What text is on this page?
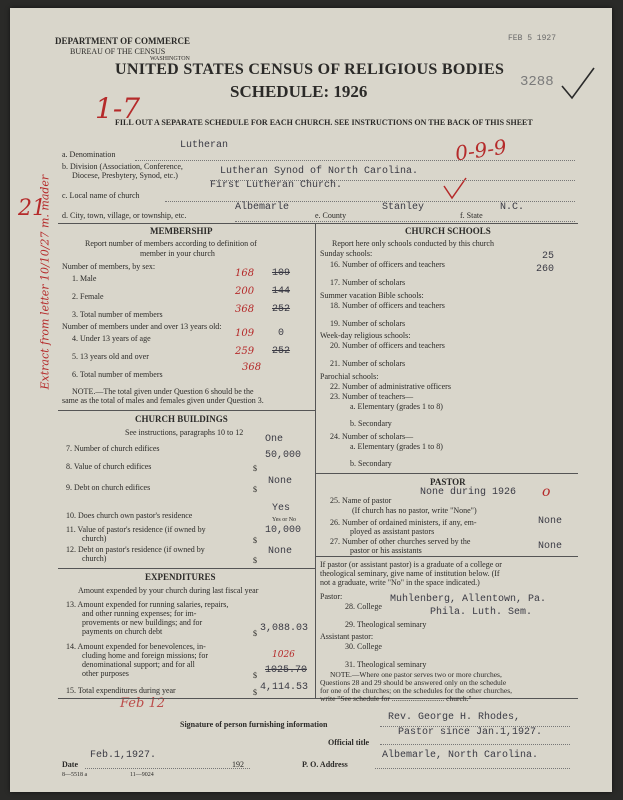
DEPARTMENT OF COMMERCE
BUREAU OF THE CENSUS
WASHINGTON
FEB 5 1927
UNITED STATES CENSUS OF RELIGIOUS BODIES
SCHEDULE: 1926	3288
FILL OUT A SEPARATE SCHEDULE FOR EACH CHURCH. SEE INSTRUCTIONS ON THE BACK OF THIS SHEET
1-7
21
Extract from letter 10/10/27 m. mader
0-9-9
Feb 12
a. Denomination
Lutheran
b. Division (Association, Conference,
Diocese, Presbytery, Synod, etc.)	Lutheran Synod of North Carolina.
c. Local name of church
First Lutheran Church.
d. City, town, village, or township, etc.
Albemarle
e. County
Stanley
f. State
N.C.
MEMBERSHIP
Report number of members according to definition of
member in your church
Number of members, by sex:
1. Male	168 109
2. Female	200 144
3. Total number of members	368 252
Number of members under and over 13 years old:
4. Under 13 years of age	109 0
5. 13 years old and over	259 252
6. Total number of members
368
NOTE.—The total given under Question 6 should be the
same as the total of males and females given under Question 3.
CHURCH BUILDINGS
See instructions, paragraphs 10 to 12
7. Number of church edifices
One
8. Value of church edifices	$
50,000
9. Debt on church edifices	$
None
10. Does church own pastor's residence
Yes
Yes or No
11. Value of pastor's residence (if owned by
church)	$
10,000
12. Debt on pastor's residence (if owned by
church)	$
None
EXPENDITURES
Amount expended by your church during last fiscal year
13. Amount expended for running salaries, repairs,
and other running expenses; for im-
provements or new buildings; and for
payments on church debt	$ 3,088.03
14. Amount expended for benevolences, in-
cluding home and foreign missions; for
denominational support; and for all
other purposes
1026
$ 1025.70
15. Total expenditures during year	$ 4,114.53
CHURCH SCHOOLS
Report here only schools conducted by this church
Sunday schools:
16. Number of officers and teachers
25
17. Number of scholars
260
Summer vacation Bible schools:
18. Number of officers and teachers
19. Number of scholars
Week-day religious schools:
20. Number of officers and teachers
21. Number of scholars
Parochial schools:
22. Number of administrative officers
23. Number of teachers—
a. Elementary (grades 1 to 8)
b. Secondary
24. Number of scholars—
a. Elementary (grades 1 to 8)
b. Secondary
PASTOR
25. Name of pastor
None during 1926 o
(If church has no pastor, write "None")
26. Number of ordained ministers, if any, em-
ployed as assistant pastors
None
27. Number of other churches served by the
pastor or his assistants	None
If pastor (or assistant pastor) is a graduate of a college or
theological seminary, give name of institution below. (If
not a graduate, write "No" in the space indicated.)
Pastor:
28. College
Muhlenberg, Allentown, Pa.
Phila. Luth. Sem.
29. Theological seminary
Assistant pastor:
30. College
31. Theological seminary
NOTE.—Where one pastor serves two or more churches,
Questions 28 and 29 should be answered only on the schedule
for one of the churches; on the schedules for the other churches,
write "See schedule for ............................ church."
Signature of person furnishing information
Rev. George H. Rhodes,
Official title
Pastor since Jan.1,1927.
Date
Feb.1,1927.
192	P. O. Address
Albemarle, North Carolina.
8—5518 a	11—9024
